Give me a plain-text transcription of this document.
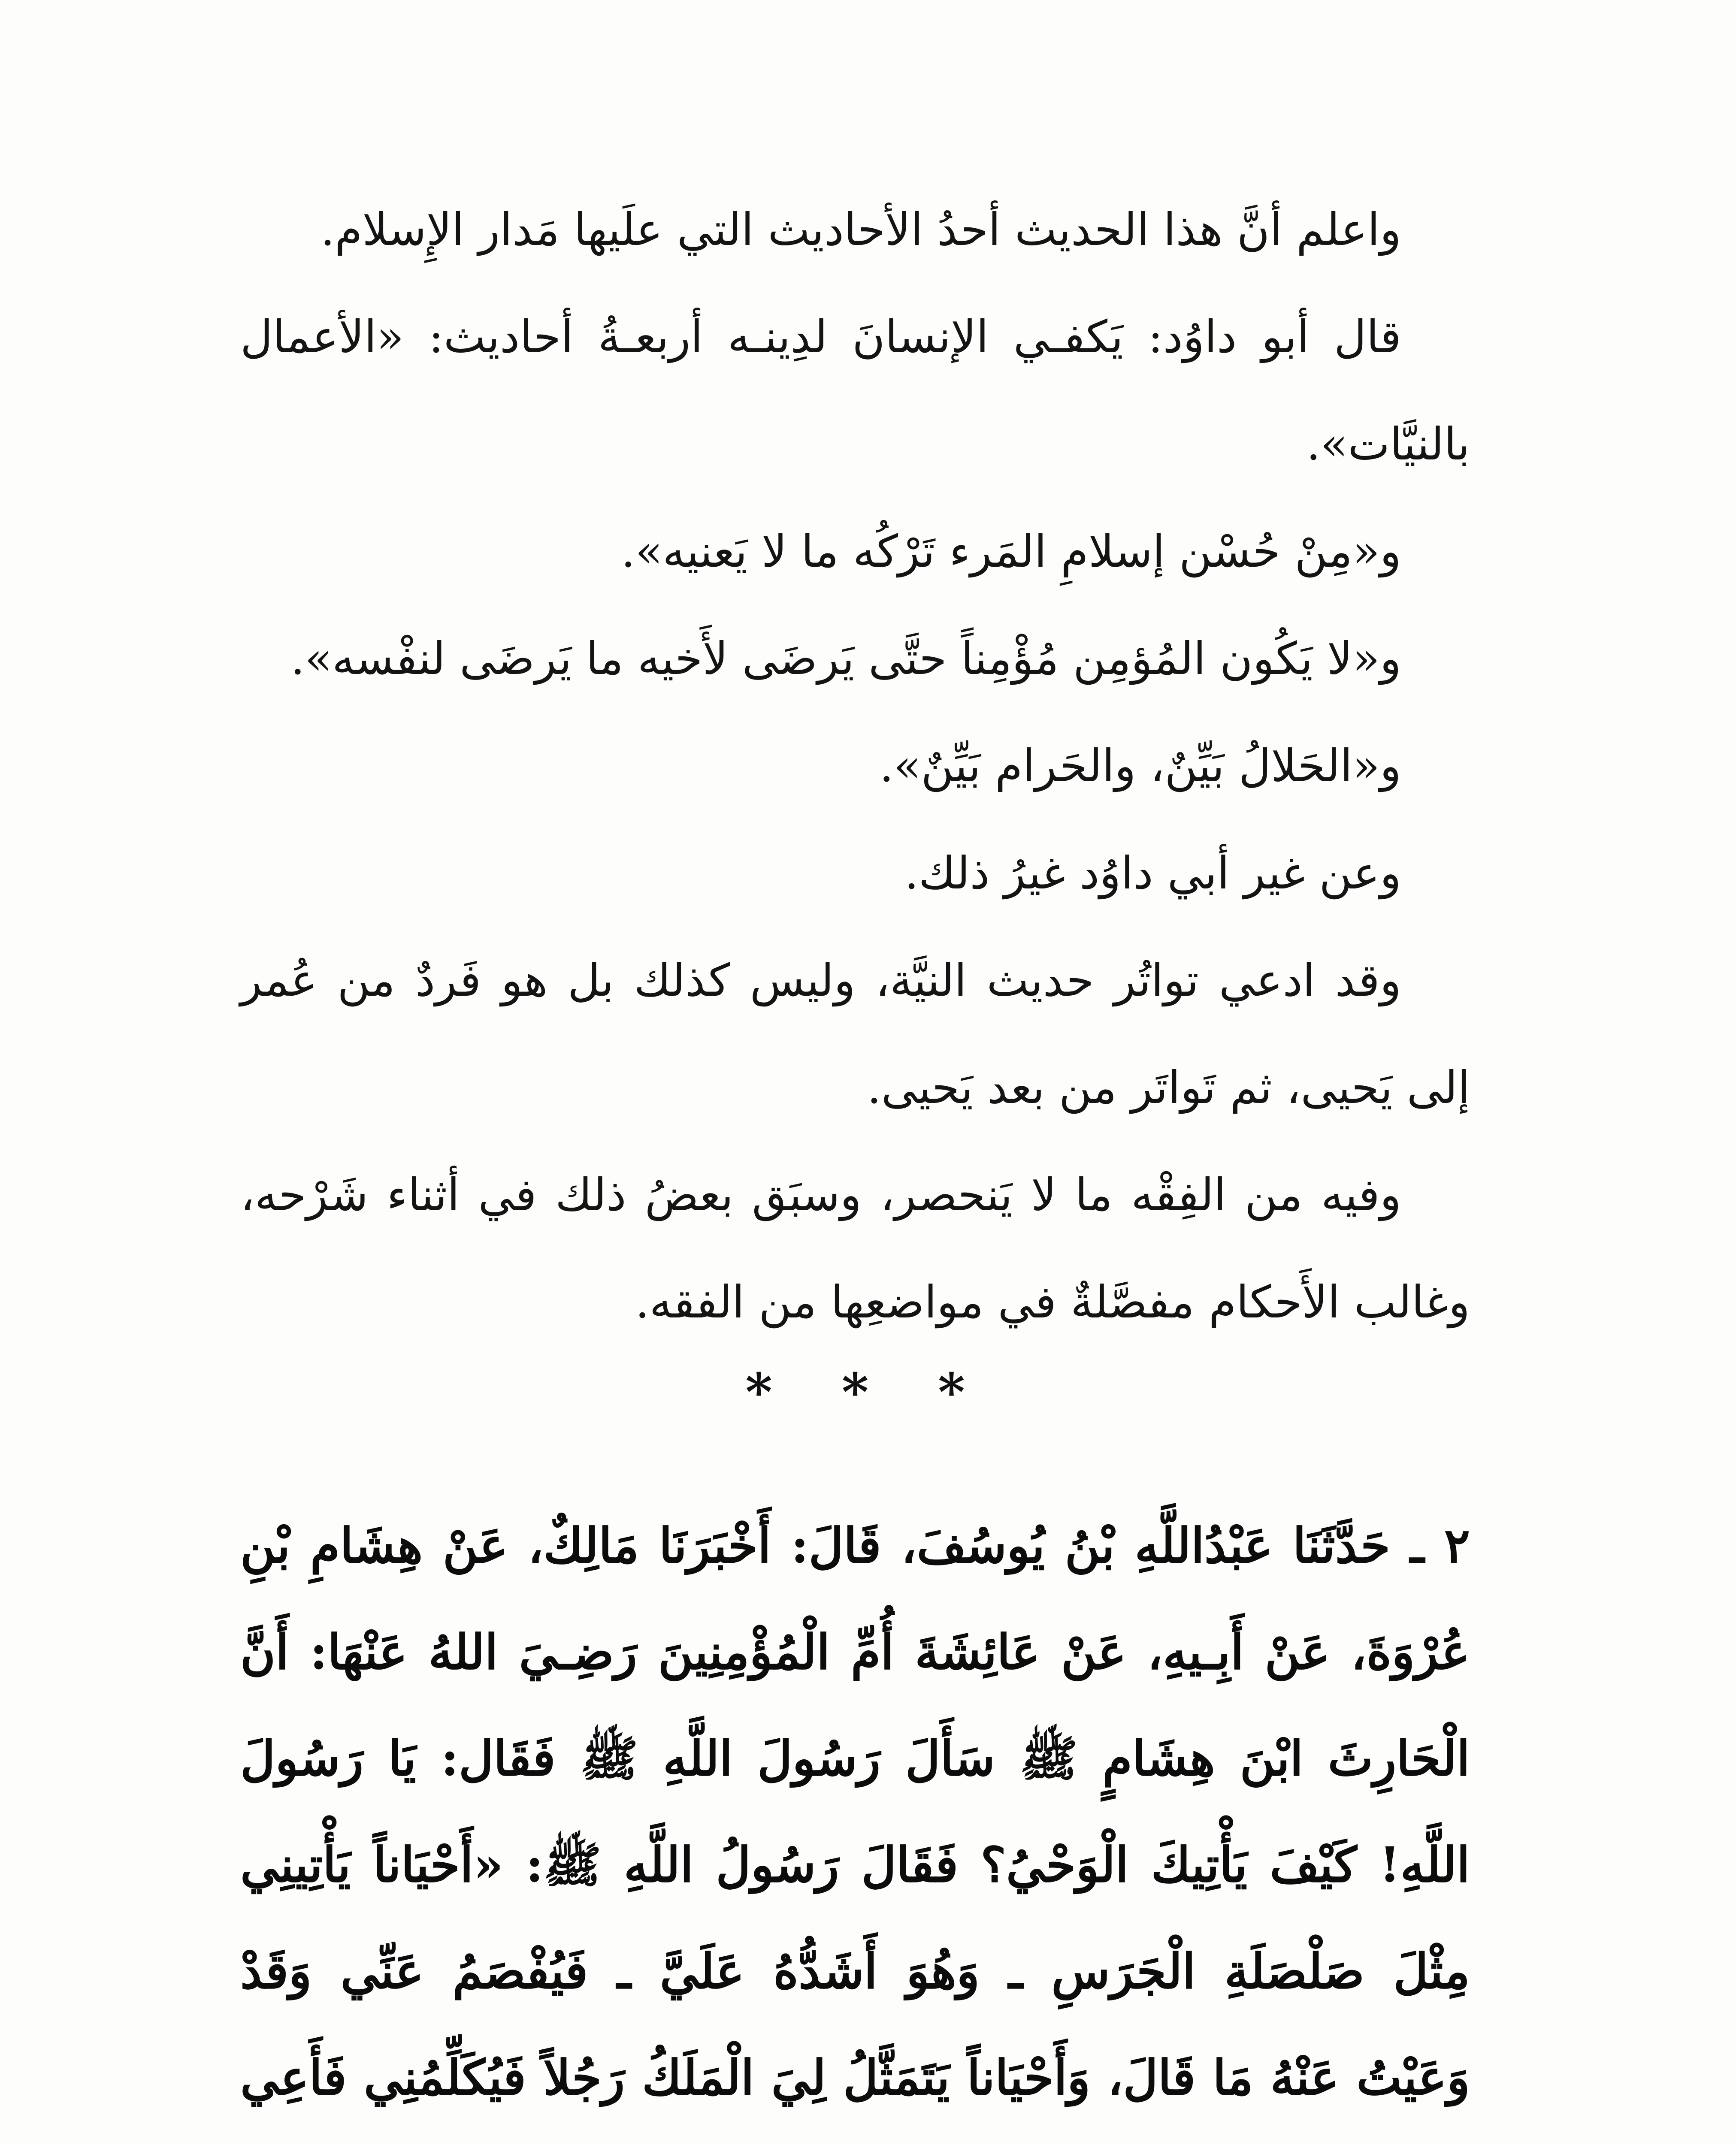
واعلم أنَّ هذا الحديث أحدُ الأحاديث التي علَيها مَدار الإِسلام.

قال أبو داوُد: يَكفـي الإنسانَ لدِينـه أربعـةُ أحاديث: «الأعمال بالنيَّات».

و«مِنْ حُسْن إسلامِ المَرء تَرْكُه ما لا يَعنيه».

و«لا يَكُون المُؤمِن مُؤْمِناً حتَّى يَرضَى لأَخيه ما يَرضَى لنفْسه».

و«الحَلالُ بَيِّنٌ، والحَرام بَيِّنٌ».

وعن غير أبي داوُد غيرُ ذلك.

وقد ادعي تواتُر حديث النيَّة، وليس كذلك بل هو فَردٌ من عُمر إلى يَحيى، ثم تَواتَر من بعد يَحيى.

وفيه من الفِقْه ما لا يَنحصر، وسبَق بعضُ ذلك في أثناء شَرْحه، وغالب الأَحكام مفصَّلةٌ في مواضعِها من الفقه.

* * *

٢ ـ حَدَّثَنَا عَبْدُاللَّهِ بْنُ يُوسُفَ، قَالَ: أَخْبَرَنَا مَالِكٌ، عَنْ هِشَامِ بْنِ عُرْوَةَ، عَنْ أَبِـيهِ، عَنْ عَائِشَةَ أُمِّ الْمُؤْمِنِينَ رَضِـيَ اللهُ عَنْهَا: أَنَّ الْحَارِثَ ابْنَ هِشَامٍ ﷺ سَأَلَ رَسُولَ اللَّهِ ﷺ فَقَال: يَا رَسُولَ اللَّهِ! كَيْفَ يَأْتِيكَ الْوَحْيُ؟ فَقَالَ رَسُولُ اللَّهِ ﷺ: «أَحْيَاناً يَأْتِينِي مِثْلَ صَلْصَلَةِ الْجَرَسِ ـ وَهُوَ أَشَدُّهُ عَلَيَّ ـ فَيُفْصَمُ عَنِّي وَقَدْ وَعَيْتُ عَنْهُ مَا قَالَ، وَأَحْيَاناً يَتَمَثَّلُ لِيَ الْمَلَكُ رَجُلاً فَيُكَلِّمُنِي فَأَعِي
